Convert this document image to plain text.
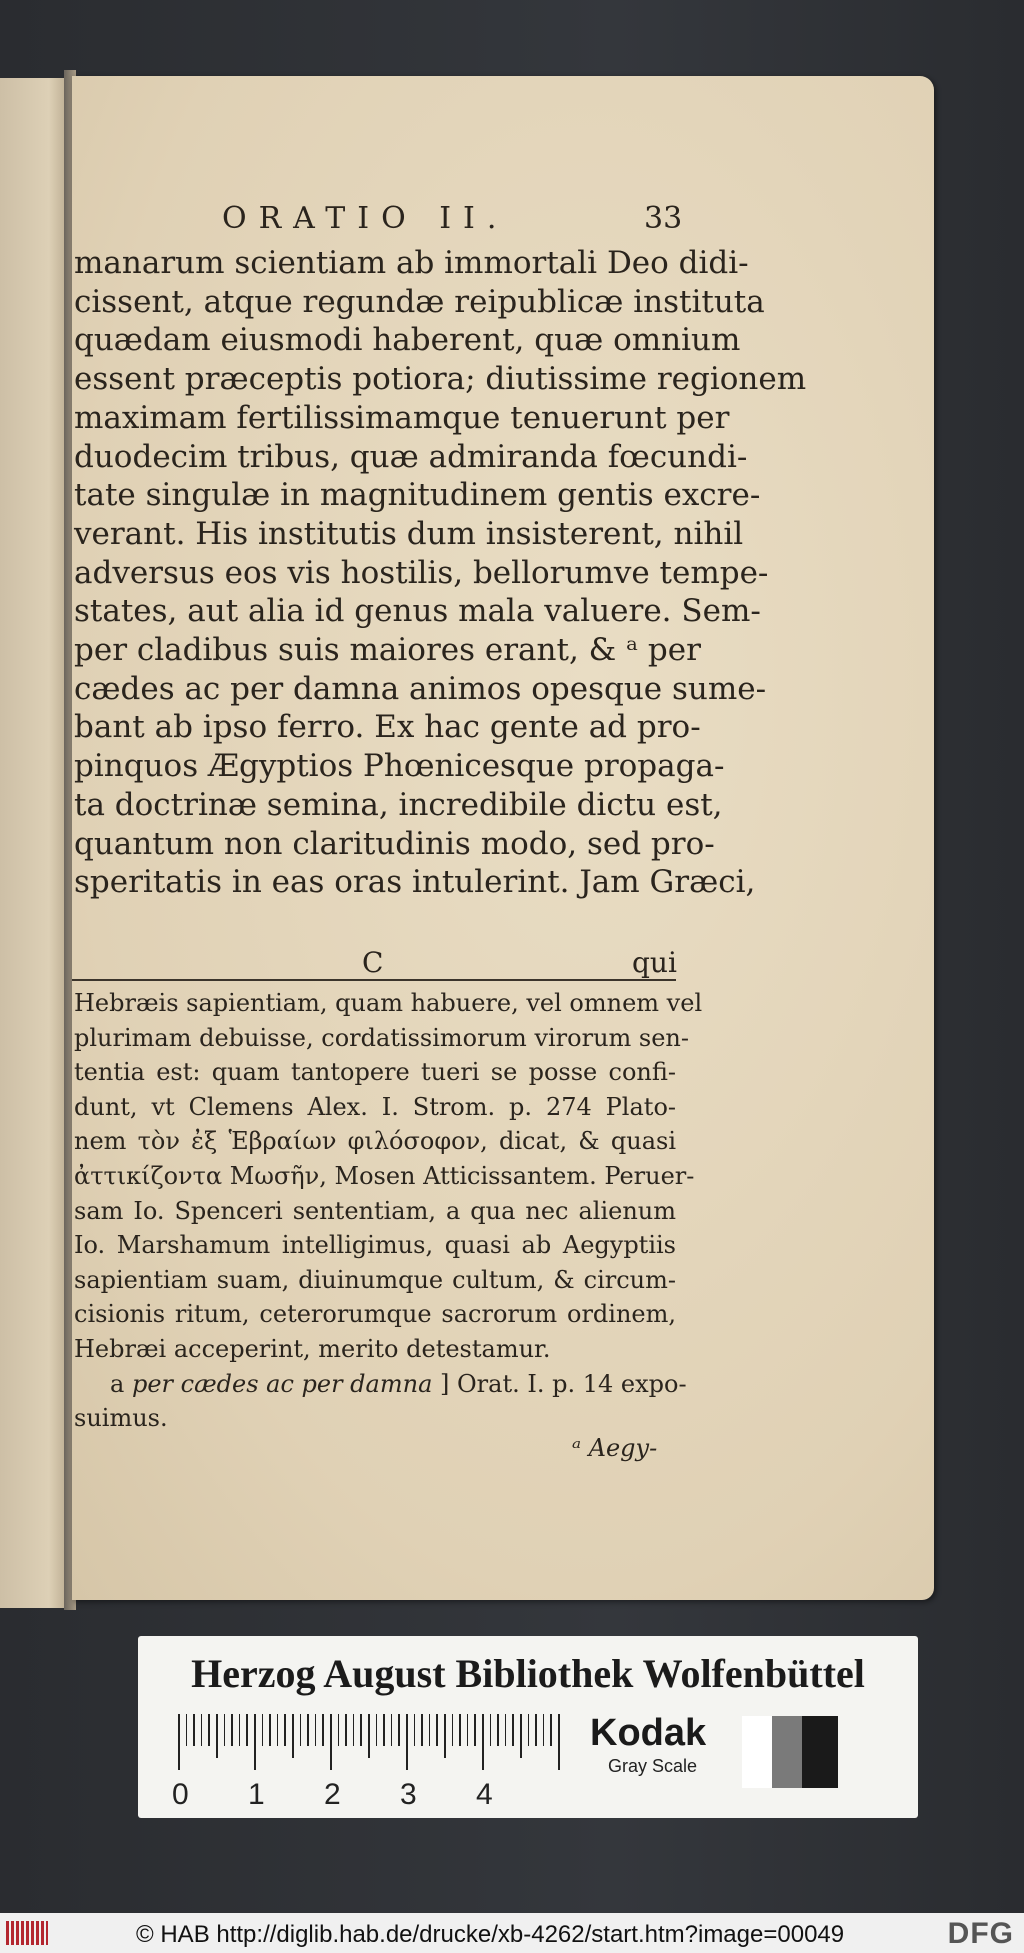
ORATIO II.	33
manarum scientiam ab immortali Deo didi-
cissent, atque regundæ reipublicæ instituta
quædam eiusmodi haberent, quæ omnium
essent præceptis potiora; diutissime regionem
maximam fertilissimamque tenuerunt per
duodecim tribus, quæ admiranda fœcundi-
tate singulæ in magnitudinem gentis excre-
verant. His institutis dum insisterent, nihil
adversus eos vis hostilis, bellorumve tempe-
states, aut alia id genus mala valuere. Sem-
per cladibus suis maiores erant, & ᵃ per
cædes ac per damna animos opesque sume-
bant ab ipso ferro. Ex hac gente ad pro-
pinquos Ægyptios Phœnicesque propaga-
ta doctrinæ semina, incredibile dictu est,
quantum non claritudinis modo, sed pro-
speritatis in eas oras intulerint. Jam Græci,
C	qui
Hebræis sapientiam, quam habuere, vel omnem vel
plurimam debuisse, cordatissimorum virorum sen-
tentia est: quam tantopere tueri se posse confi-
dunt, vt Clemens Alex. I. Strom. p. 274 Plato-
nem τὸν ἐξ Ἑβραίων φιλόσοφον, dicat, & quasi
ἀττικίζοντα Μωσῆν, Mosen Atticissantem. Peruer-
sam Io. Spenceri sententiam, a qua nec alienum
Io. Marshamum intelligimus, quasi ab Aegyptiis
sapientiam suam, diuinumque cultum, & circum-
cisionis ritum, ceterorumque sacrorum ordinem,
Hebræi acceperint, merito detestamur.
a per cædes ac per damna ] Orat. I. p. 14 expo-
suimus.
ᵃ Aegy-
Herzog August Bibliothek Wolfenbüttel
0 1 2 3 4
Kodak
Gray Scale
© HAB http://diglib.hab.de/drucke/xb-4262/start.htm?image=00049	DFG
